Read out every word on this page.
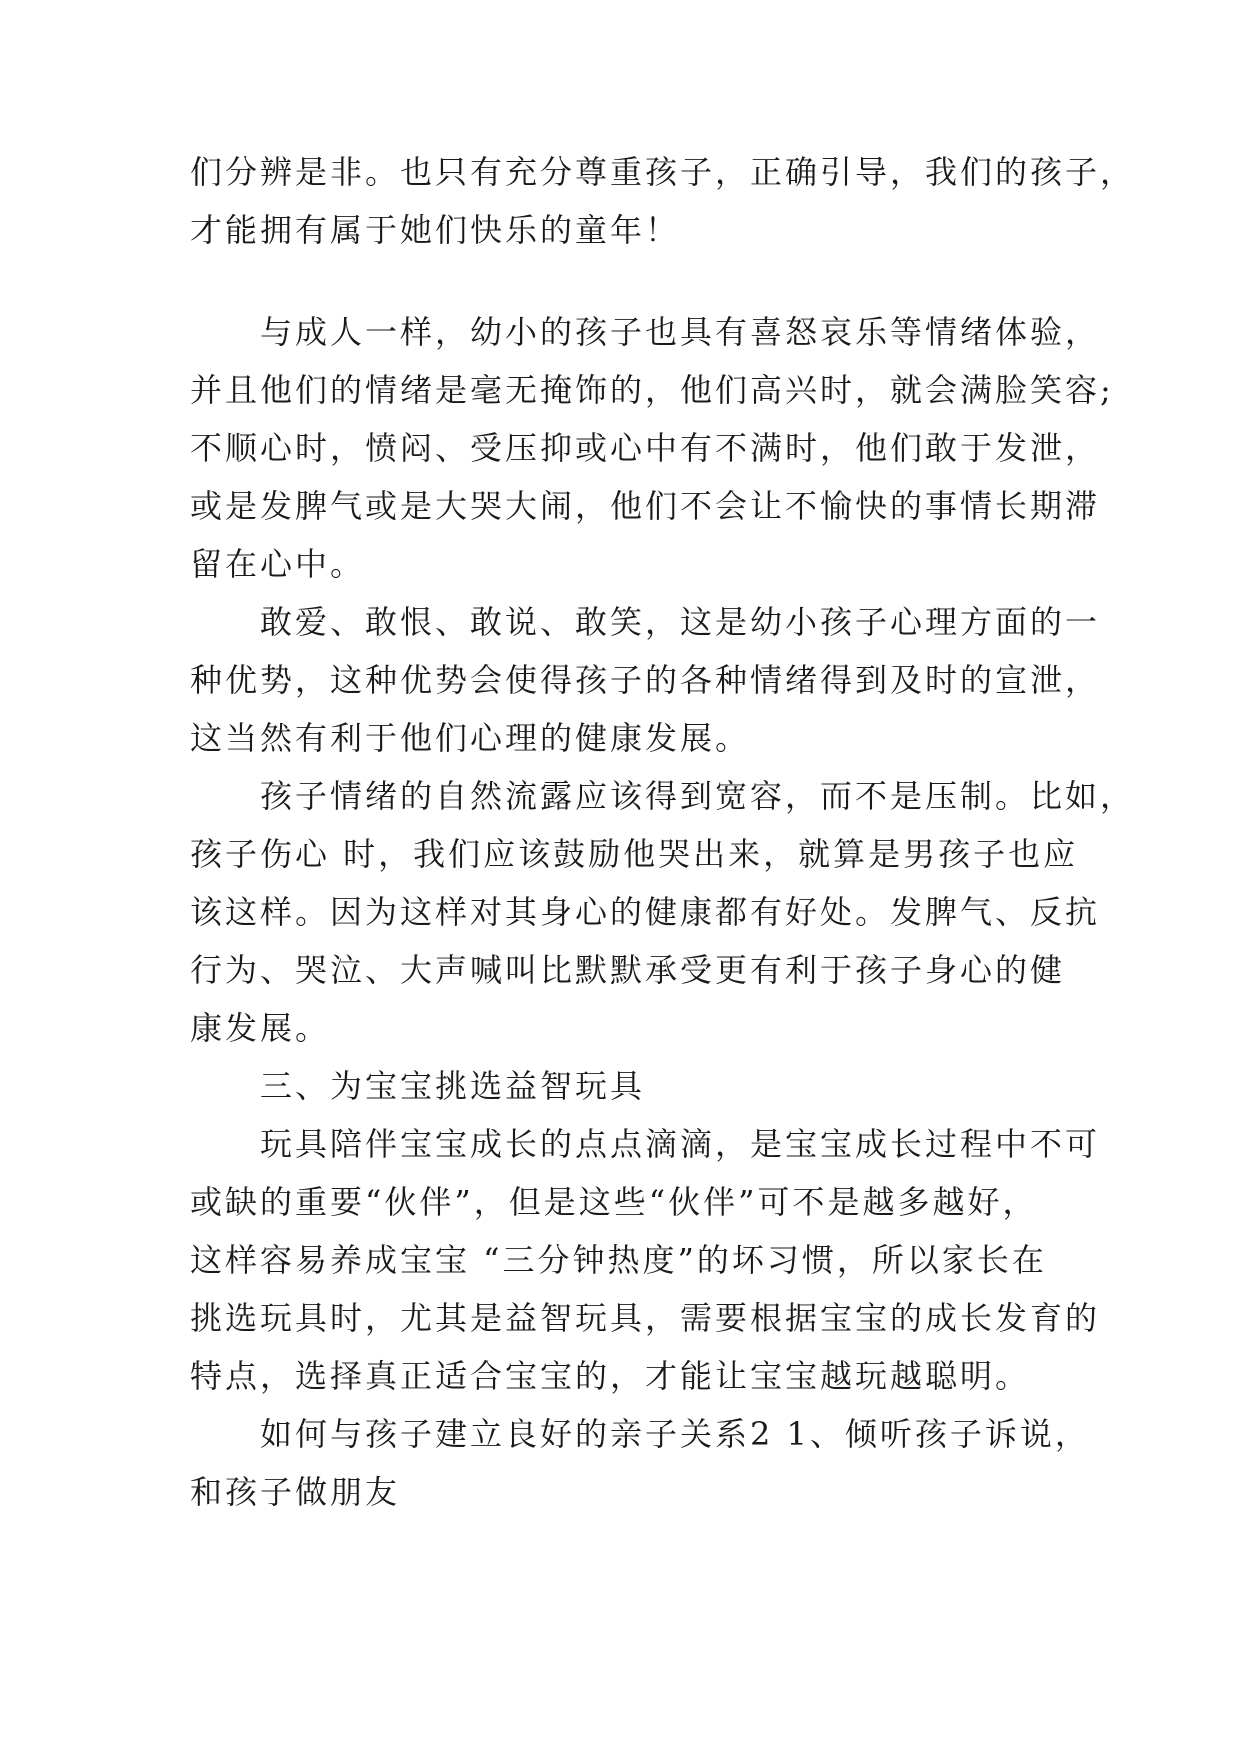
们分辨是非。也只有充分尊重孩子，正确引导，我们的孩子，
才能拥有属于她们快乐的童年！
与成人一样，幼小的孩子也具有喜怒哀乐等情绪体验，
并且他们的情绪是毫无掩饰的，他们高兴时，就会满脸笑容;
不顺心时，愤闷、受压抑或心中有不满时，他们敢于发泄，
或是发脾气或是大哭大闹，他们不会让不愉快的事情长期滞
留在心中。
敢爱、敢恨、敢说、敢笑，这是幼小孩子心理方面的一
种优势，这种优势会使得孩子的各种情绪得到及时的宣泄，
这当然有利于他们心理的健康发展。
孩子情绪的自然流露应该得到宽容，而不是压制。比如，
孩子伤心 时，我们应该鼓励他哭出来，就算是男孩子也应
该这样。因为这样对其身心的健康都有好处。发脾气、反抗
行为、哭泣、大声喊叫比默默承受更有利于孩子身心的健
康发展。
三、为宝宝挑选益智玩具
玩具陪伴宝宝成长的点点滴滴，是宝宝成长过程中不可
或缺的重要“伙伴”，但是这些“伙伴”可不是越多越好，
这样容易养成宝宝 “三分钟热度”的坏习惯，所以家长在
挑选玩具时，尤其是益智玩具，需要根据宝宝的成长发育的
特点，选择真正适合宝宝的，才能让宝宝越玩越聪明。
如何与孩子建立良好的亲子关系2 1、倾听孩子诉说，
和孩子做朋友
